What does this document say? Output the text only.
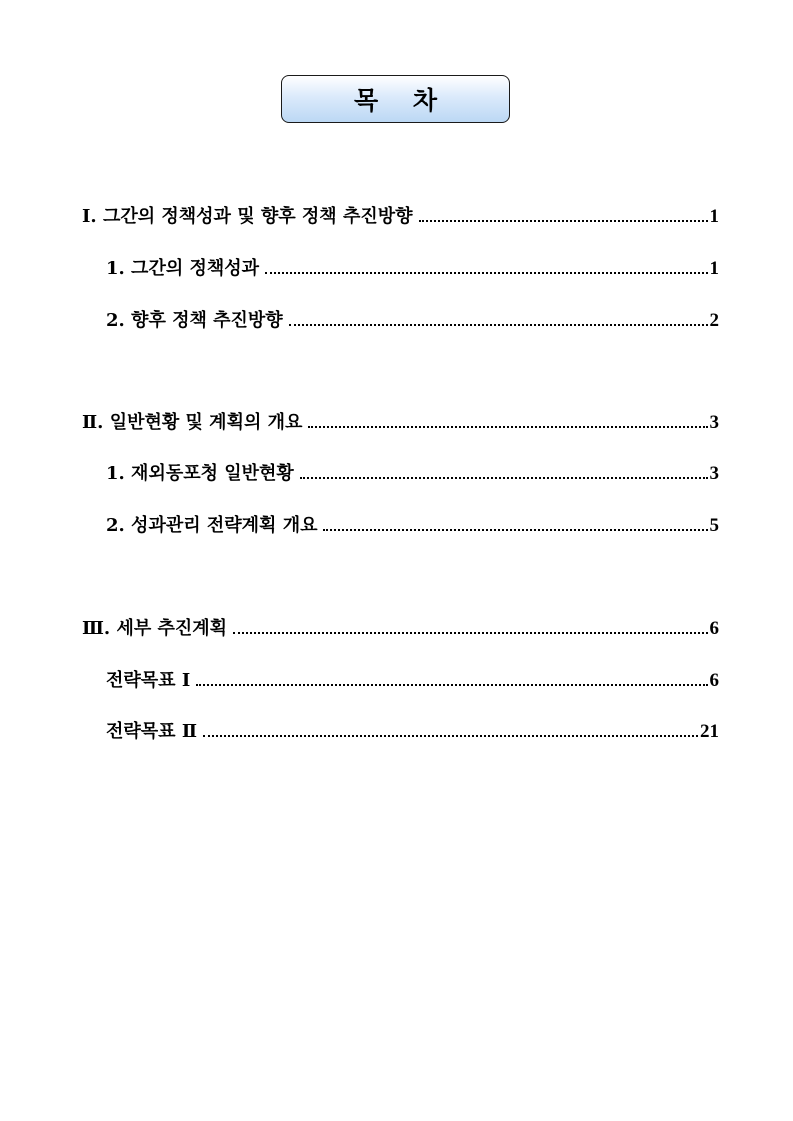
목    차
Ⅰ. 그간의 정책성과 및 향후 정책 추진방향	1
1. 그간의 정책성과	1
2. 향후 정책 추진방향	2
Ⅱ. 일반현황 및 계획의 개요	3
1. 재외동포청 일반현황	3
2. 성과관리 전략계획 개요	5
Ⅲ. 세부 추진계획	6
전략목표 Ⅰ	6
전략목표 Ⅱ	21
